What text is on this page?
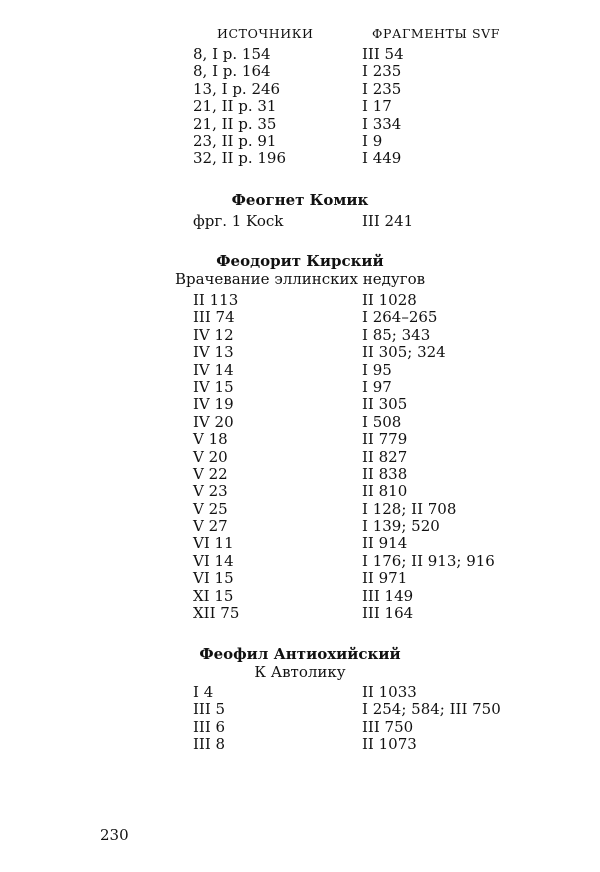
ИСТОЧНИКИ	ФРАГМЕНТЫ SVF
8, I p. 154	III 54
8, I p. 164	I 235
13, I p. 246	I 235
21, II p. 31	I 17
21, II p. 35	I 334
23, II p. 91	I 9
32, II p. 196	I 449
Феогнет Комик
фрг. 1 Kock	III 241
Феодорит Кирский
Врачевание эллинских недугов
II 113	II 1028
III 74	I 264–265
IV 12	I 85; 343
IV 13	II 305; 324
IV 14	I 95
IV 15	I 97
IV 19	II 305
IV 20	I 508
V 18	II 779
V 20	II 827
V 22	II 838
V 23	II 810
V 25	I 128; II 708
V 27	I 139; 520
VI 11	II 914
VI 14	I 176; II 913; 916
VI 15	II 971
XI 15	III 149
XII 75	III 164
Феофил Антиохийский
К Автолику
I 4	II 1033
III 5	I 254; 584; III 750
III 6	III 750
III 8	II 1073
230
